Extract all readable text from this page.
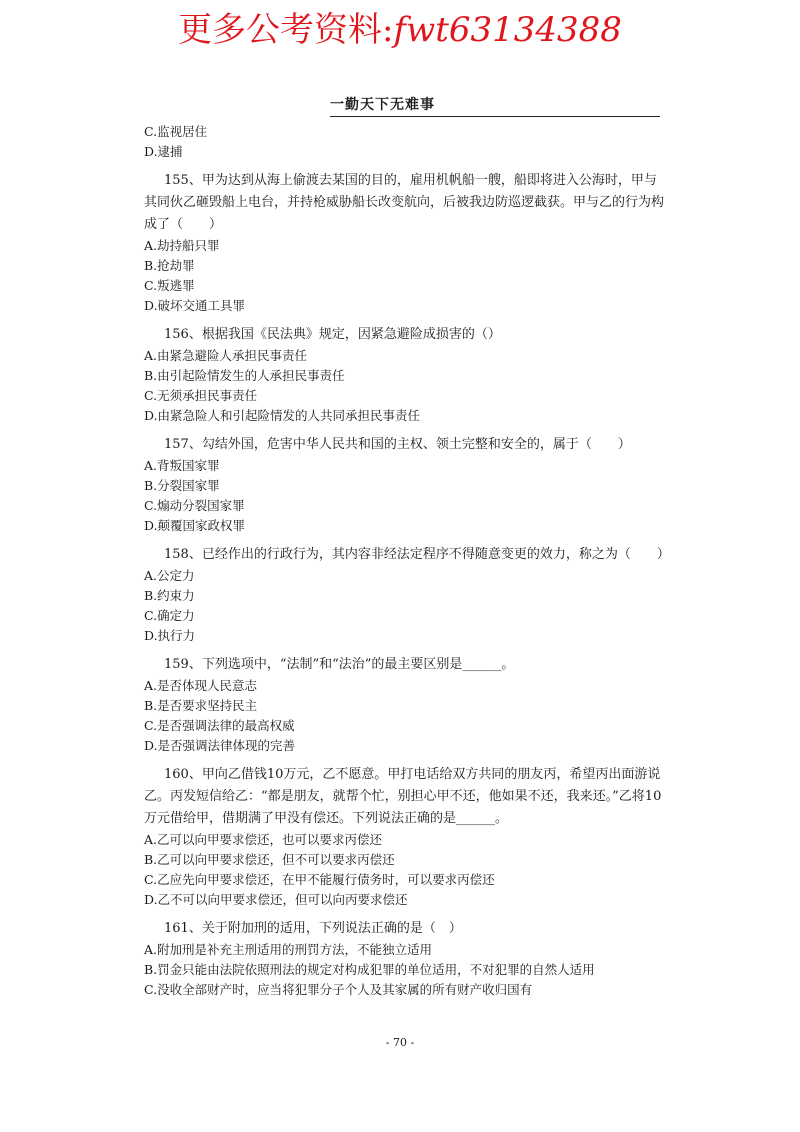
更多公考资料:fwt63134388
一勤天下无难事
C.监视居住
D.逮捕
155、甲为达到从海上偷渡去某国的目的，雇用机帆船一艘，船即将进入公海时，甲与其同伙乙砸毁船上电台，并持枪威胁船长改变航向，后被我边防巡逻截获。甲与乙的行为构成了（　　）
A.劫持船只罪
B.抢劫罪
C.叛逃罪
D.破坏交通工具罪
156、根据我国《民法典》规定，因紧急避险成损害的（）
A.由紧急避险人承担民事责任
B.由引起险情发生的人承担民事责任
C.无须承担民事责任
D.由紧急险人和引起险情发的人共同承担民事责任
157、勾结外国，危害中华人民共和国的主权、领土完整和安全的，属于（　　）
A.背叛国家罪
B.分裂国家罪
C.煽动分裂国家罪
D.颠覆国家政权罪
158、已经作出的行政行为，其内容非经法定程序不得随意变更的效力，称之为（　　）
A.公定力
B.约束力
C.确定力
D.执行力
159、下列选项中，“法制”和“法治”的最主要区别是______。
A.是否体现人民意志
B.是否要求坚持民主
C.是否强调法律的最高权威
D.是否强调法律体现的完善
160、甲向乙借钱10万元，乙不愿意。甲打电话给双方共同的朋友丙，希望丙出面游说乙。丙发短信给乙：“都是朋友，就帮个忙，别担心甲不还，他如果不还，我来还。”乙将10万元借给甲，借期满了甲没有偿还。下列说法正确的是______。
A.乙可以向甲要求偿还，也可以要求丙偿还
B.乙可以向甲要求偿还，但不可以要求丙偿还
C.乙应先向甲要求偿还，在甲不能履行债务时，可以要求丙偿还
D.乙不可以向甲要求偿还，但可以向丙要求偿还
161、关于附加刑的适用，下列说法正确的是（　）
A.附加刑是补充主刑适用的刑罚方法，不能独立适用
B.罚金只能由法院依照刑法的规定对构成犯罪的单位适用，不对犯罪的自然人适用
C.没收全部财产时，应当将犯罪分子个人及其家属的所有财产收归国有
- 70 -
